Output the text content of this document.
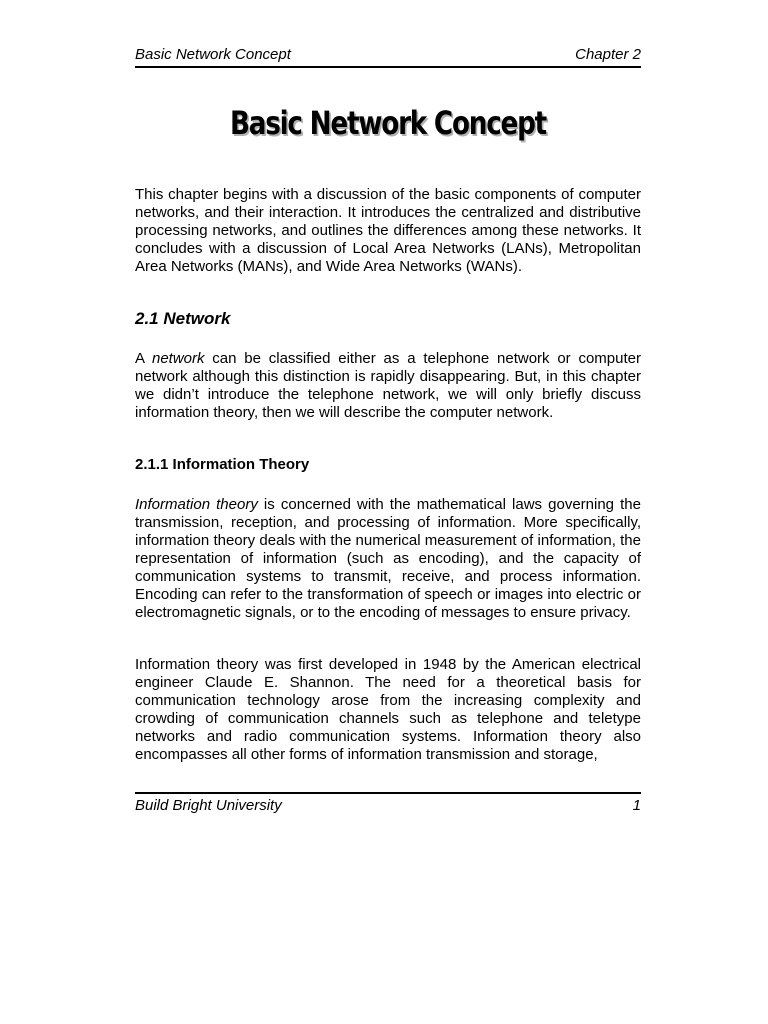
Basic Network Concept	Chapter 2
Basic Network Concept

This chapter begins with a discussion of the basic components of computer networks, and their interaction. It introduces the centralized and distributive processing networks, and outlines the differences among these networks. It concludes with a discussion of Local Area Networks (LANs), Metropolitan Area Networks (MANs), and Wide Area Networks (WANs).

2.1 Network

A network can be classified either as a telephone network or computer network although this distinction is rapidly disappearing. But, in this chapter we didn’t introduce the telephone network, we will only briefly discuss information theory, then we will describe the computer network.

2.1.1 Information Theory

Information theory is concerned with the mathematical laws governing the transmission, reception, and processing of information. More specifically, information theory deals with the numerical measurement of information, the representation of information (such as encoding), and the capacity of communication systems to transmit, receive, and process information. Encoding can refer to the transformation of speech or images into electric or electromagnetic signals, or to the encoding of messages to ensure privacy.

Information theory was first developed in 1948 by the American electrical engineer Claude E. Shannon. The need for a theoretical basis for communication technology arose from the increasing complexity and crowding of communication channels such as telephone and teletype networks and radio communication systems. Information theory also encompasses all other forms of information transmission and storage,

Build Bright University	1
